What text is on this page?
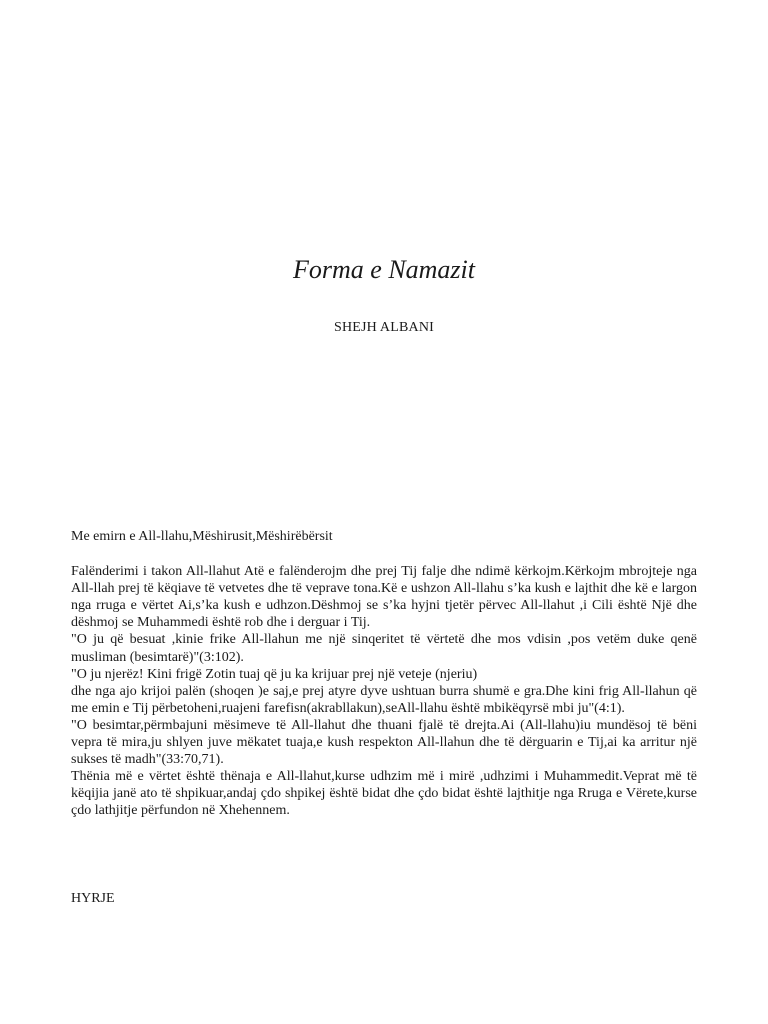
Forma e Namazit
SHEJH ALBANI

Me emirn e All-llahu,Mëshirusit,Mëshirëbërsit

Falënderimi i takon All-llahut Atë e falënderojm dhe prej Tij falje dhe ndimë kërkojm.Kërkojm mbrojteje nga All-llah prej të këqiave të vetvetes dhe të veprave tona.Kë e ushzon All-llahu s’ka kush e lajthit dhe kë e largon nga rruga e vërtet Ai,s’ka kush e udhzon.Dëshmoj se s’ka hyjni tjetër përvec All-llahut ,i Cili është Një dhe dëshmoj se Muhammedi është rob dhe i derguar i Tij.

"O ju që besuat ,kinie frike All-llahun me një sinqeritet të vërtetë dhe mos vdisin ,pos vetëm duke qenë musliman (besimtarë)"(3:102).

"O ju njerëz! Kini frigë Zotin tuaj që ju ka krijuar prej një veteje (njeriu)

dhe nga ajo krijoi palën (shoqen )e saj,e prej atyre dyve ushtuan burra shumë e gra.Dhe kini frig All-llahun që me emin e Tij përbetoheni,ruajeni farefisn(akrabllakun),seAll-llahu është mbikëqyrsë mbi ju"(4:1).

"O besimtar,përmbajuni mësimeve të All-llahut dhe thuani fjalë të drejta.Ai (All-llahu)iu mundësoj të bëni vepra të mira,ju shlyen juve mëkatet tuaja,e kush respekton All-llahun dhe të dërguarin e Tij,ai ka arritur një sukses të madh"(33:70,71).

Thënia më e vërtet është thënaja e All-llahut,kurse udhzim më i mirë ,udhzimi i Muhammedit.Veprat më të këqijia janë ato të shpikuar,andaj çdo shpikej është bidat dhe çdo bidat është lajthitje nga Rruga e Vërete,kurse çdo lathjitje përfundon në Xhehennem.

HYRJE
